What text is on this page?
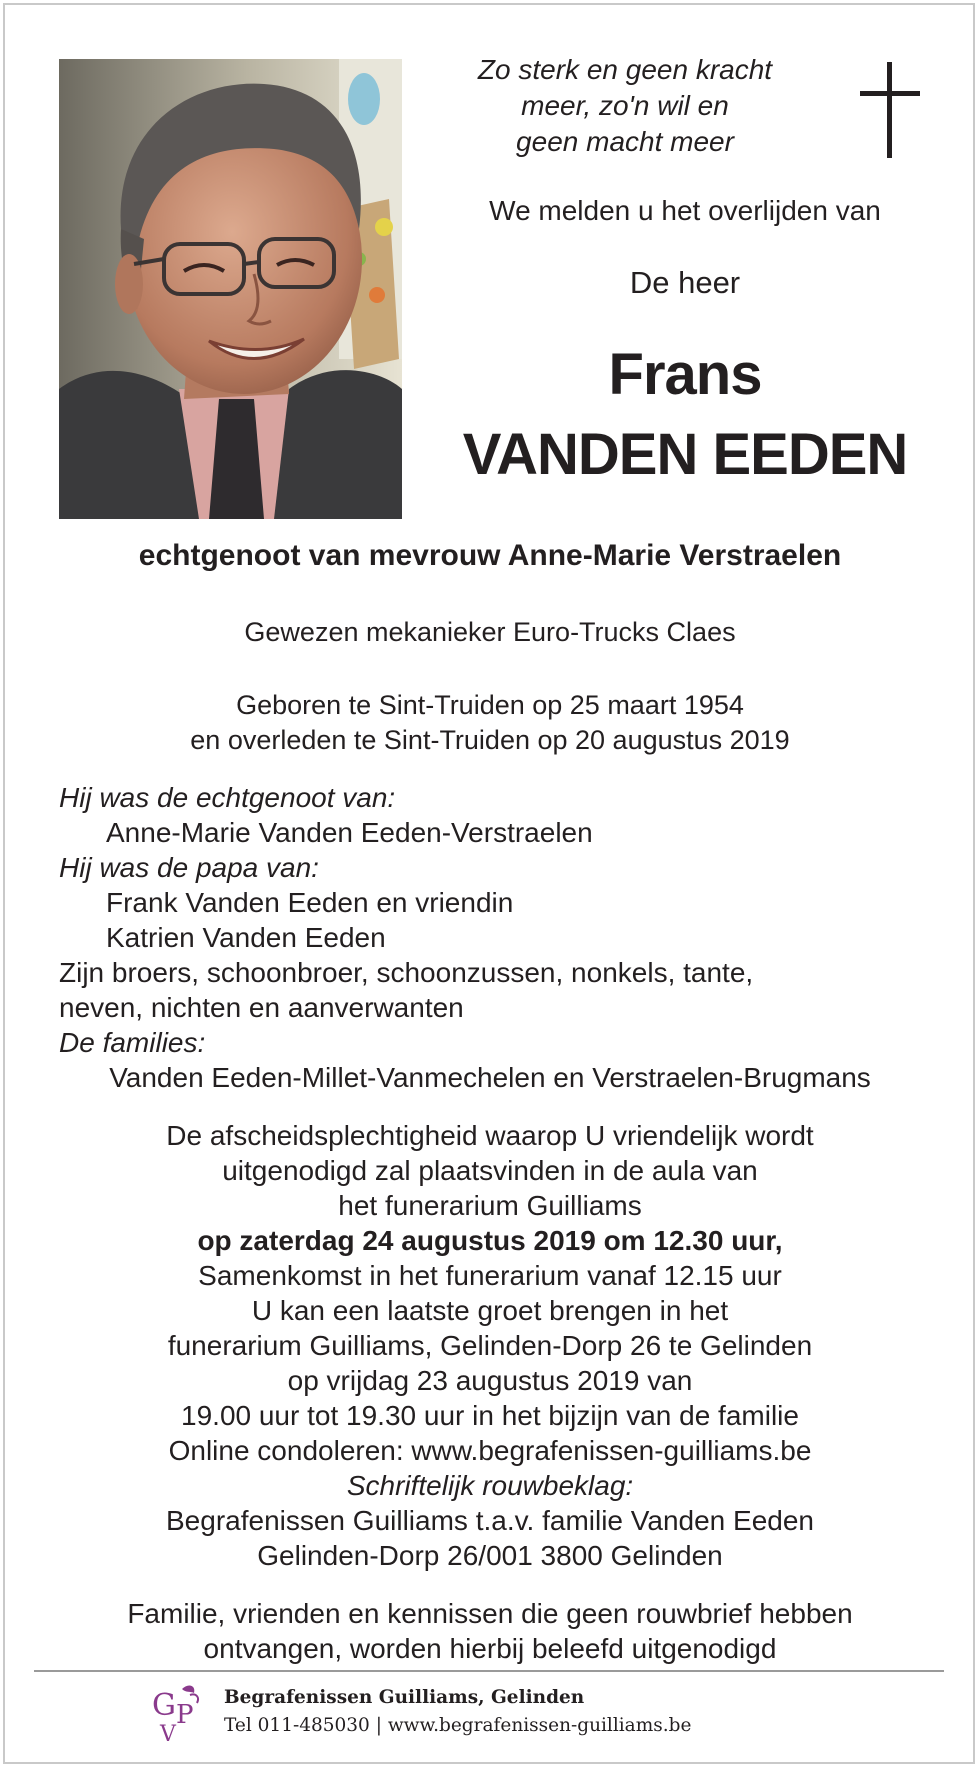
Zo sterk en geen kracht
meer, zo'n wil en
geen macht meer
We melden u het overlijden van
De heer
Frans
VANDEN EEDEN
echtgenoot van mevrouw Anne-Marie Verstraelen
Gewezen mekanieker Euro-Trucks Claes
Geboren te Sint-Truiden op 25 maart 1954
en overleden te Sint-Truiden op 20 augustus 2019
Hij was de echtgenoot van:
Anne-Marie Vanden Eeden-Verstraelen
Hij was de papa van:
Frank Vanden Eeden en vriendin
Katrien Vanden Eeden
Zijn broers, schoonbroer, schoonzussen, nonkels, tante,
neven, nichten en aanverwanten
De families:
Vanden Eeden-Millet-Vanmechelen en Verstraelen-Brugmans
De afscheidsplechtigheid waarop U vriendelijk wordt
uitgenodigd zal plaatsvinden in de aula van
het funerarium Guilliams
op zaterdag 24 augustus 2019 om 12.30 uur,
Samenkomst in het funerarium vanaf 12.15 uur
U kan een laatste groet brengen in het
funerarium Guilliams, Gelinden-Dorp 26 te Gelinden
op vrijdag 23 augustus 2019 van
19.00 uur tot 19.30 uur in het bijzijn van de familie
Online condoleren: www.begrafenissen-guilliams.be
Schriftelijk rouwbeklag:
Begrafenissen Guilliams t.a.v. familie Vanden Eeden
Gelinden-Dorp 26/001 3800 Gelinden
Familie, vrienden en kennissen die geen rouwbrief hebben
ontvangen, worden hierbij beleefd uitgenodigd
G P
V
Begrafenissen Guilliams, Gelinden
Tel 011-485030 | www.begrafenissen-guilliams.be
